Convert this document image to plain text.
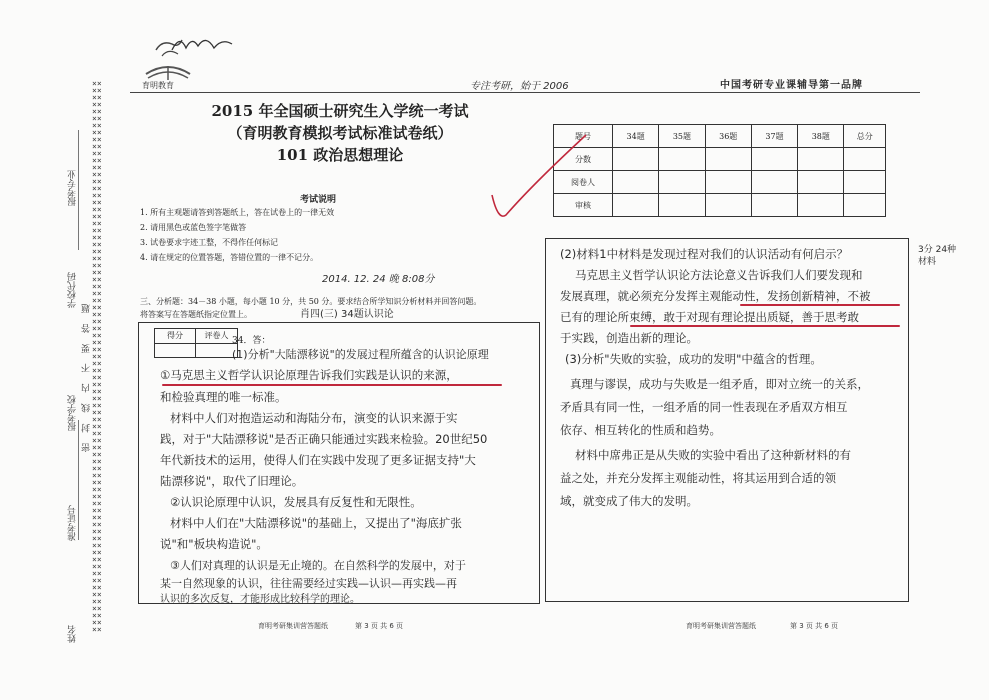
育明教育	专注考研，始于 2006	中国考研专业课辅导第一品牌
××××××××××××××××××××××××××××××××××××××××××××××××××××××××××××××××××××××××××××××××××××××××××××××××××××××××××××××××××××××××××××××××××××××××××××××××××××××××××××××
报考专业
学校代码
报考学校
准考证号
姓名
密 封 线 内 不 要 答 题
2015 年全国硕士研究生入学统一考试
（育明教育模拟考试标准试卷纸）
101 政治思想理论
考试说明
1. 所有主观题请答到答题纸上，答在试卷上的一律无效
2. 请用黑色或蓝色签字笔做答
3. 试卷要求字迹工整，不得作任何标记
4. 请在规定的位置答题，答错位置的一律不记分。
2014. 12. 24 晚 8:08分
三、分析题：34－38 小题，每小题 10 分，共 50 分。要求结合所学知识分析材料并回答问题。
将答案写在答题纸指定位置上。	肖四(三) 34题认识论
题号	34题	35题	36题	37题	38题	总分
分数						
阅卷人						
审核						
得分	评卷人
34．答：
(1)分析"大陆漂移说"的发展过程所蕴含的认识论原理
①马克思主义哲学认识论原理告诉我们实践是认识的来源，
和检验真理的唯一标准。
材料中人们对抱造运动和海陆分布，演变的认识来源于实
践，对于"大陆漂移说"是否正确只能通过实践来检验。20世纪50
年代新技术的运用，使得人们在实践中发现了更多证据支持"大
陆漂移说"，取代了旧理论。
②认识论原理中认识，发展具有反复性和无限性。
材料中人们在"大陆漂移说"的基础上，又提出了"海底扩张
说"和"板块构造说"。
③人们对真理的认识是无止境的。在自然科学的发展中，对于
某一自然现象的认识，往往需要经过实践—认识—再实践—再
认识的多次反复，才能形成比较科学的理论。
(2)材料1中材料是发现过程对我们的认识活动有何启示？
马克思主义哲学认识论方法论意义告诉我们人们要发现和
发展真理，就必须充分发挥主观能动性，发扬创新精神，不被
已有的理论所束缚，敢于对现有理论提出质疑，善于思考敢
于实践，创造出新的理论。
(3)分析"失败的实验，成功的发明"中蕴含的哲理。
真理与谬误，成功与失败是一组矛盾，即对立统一的关系，
矛盾具有同一性，一组矛盾的同一性表现在矛盾双方相互
依存、相互转化的性质和趋势。
材料中席弗正是从失败的实验中看出了这种新材料的有
益之处，并充分发挥主观能动性，将其运用到合适的领
域，就变成了伟大的发明。
3分 24种 材料
育明考研集训营答题纸	第 3 页 共 6 页	育明考研集训营答题纸	第 3 页 共 6 页
